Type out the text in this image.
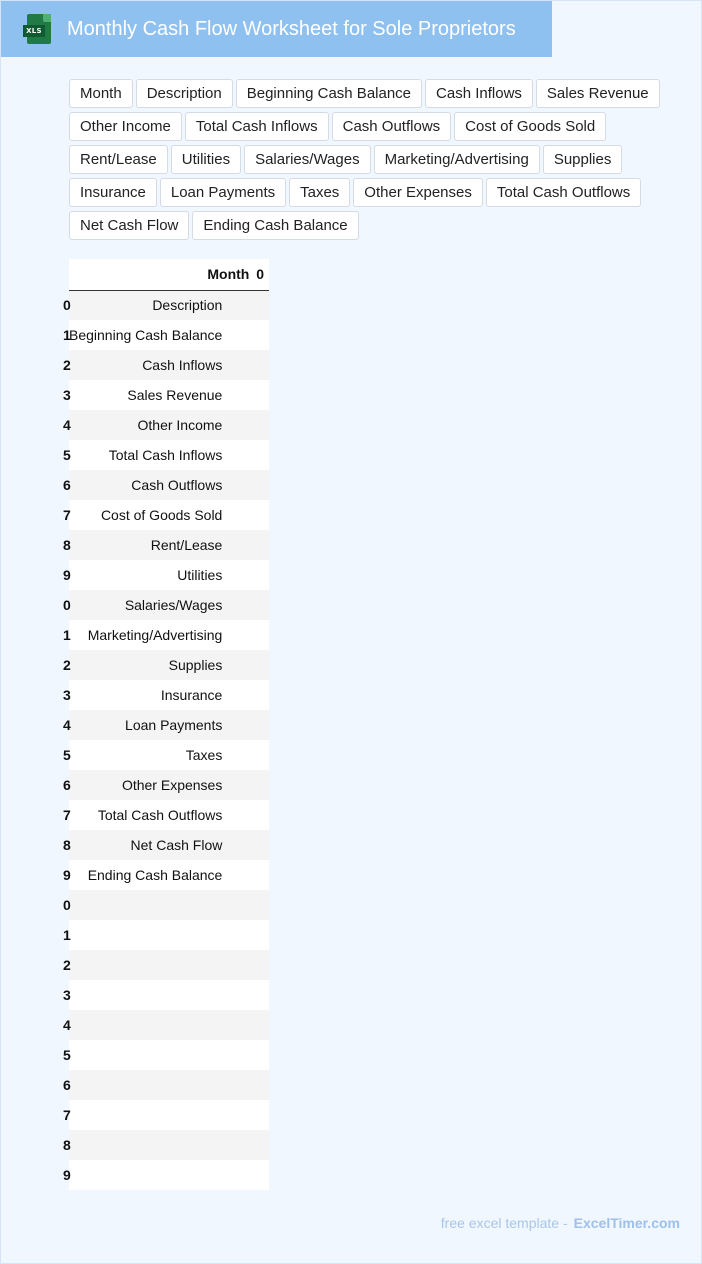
XLS Monthly Cash Flow Worksheet for Sole Proprietors
Month	Description	Beginning Cash Balance	Cash Inflows	Sales Revenue
Other Income	Total Cash Inflows	Cash Outflows	Cost of Goods Sold
Rent/Lease	Utilities	Salaries/Wages	Marketing/Advertising	Supplies
Insurance	Loan Payments	Taxes	Other Expenses	Total Cash Outflows
Net Cash Flow	Ending Cash Balance
	Month	0

0	Description	

1	Beginning Cash Balance	

2	Cash Inflows	

3	Sales Revenue	

4	Other Income	

5	Total Cash Inflows	

6	Cash Outflows	

7	Cost of Goods Sold	

8	Rent/Lease	

9	Utilities	

0	Salaries/Wages	

1	Marketing/Advertising	

2	Supplies	

3	Insurance	

4	Loan Payments	

5	Taxes	

6	Other Expenses	

7	Total Cash Outflows	

8	Net Cash Flow	

9	Ending Cash Balance	

0	

1	

2	

3	

4	

5	

6	

7	

8	

9	

free excel template - ExcelTimer.com
